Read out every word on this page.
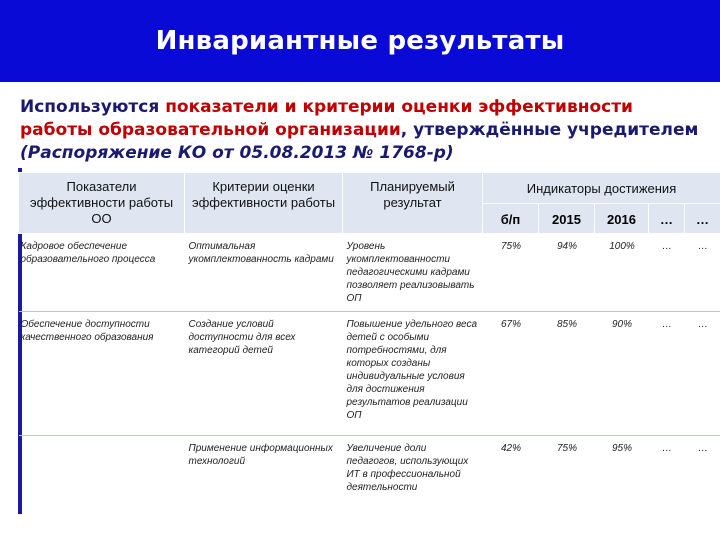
Инвариантные результаты
Используются показатели и критерии оценки эффективности работы образовательной организации, утверждённые учредителем (Распоряжение КО от 05.08.2013 № 1768-р)
Показатели эффективности работы ОО	Критерии оценки эффективности работы	Планируемый результат	Индикаторы достижения				
			б/п	2015	2016	…	…
Кадровое обеспечение образовательного процесса	Оптимальная укомплектованность кадрами	Уровень укомплектованности педагогическими кадрами позволяет реализовывать ОП	75%	94%	100%	…	…
Обеспечение доступности качественного образования	Создание условий доступности для всех категорий детей	Повышение удельного веса детей с особыми потребностями, для которых созданы индивидуальные условия для достижения результатов реализации ОП	67%	85%	90%	…	…
	Применение информационных технологий	Увеличение доли педагогов, использующих ИТ в профессиональной деятельности	42%	75%	95%	…	…
